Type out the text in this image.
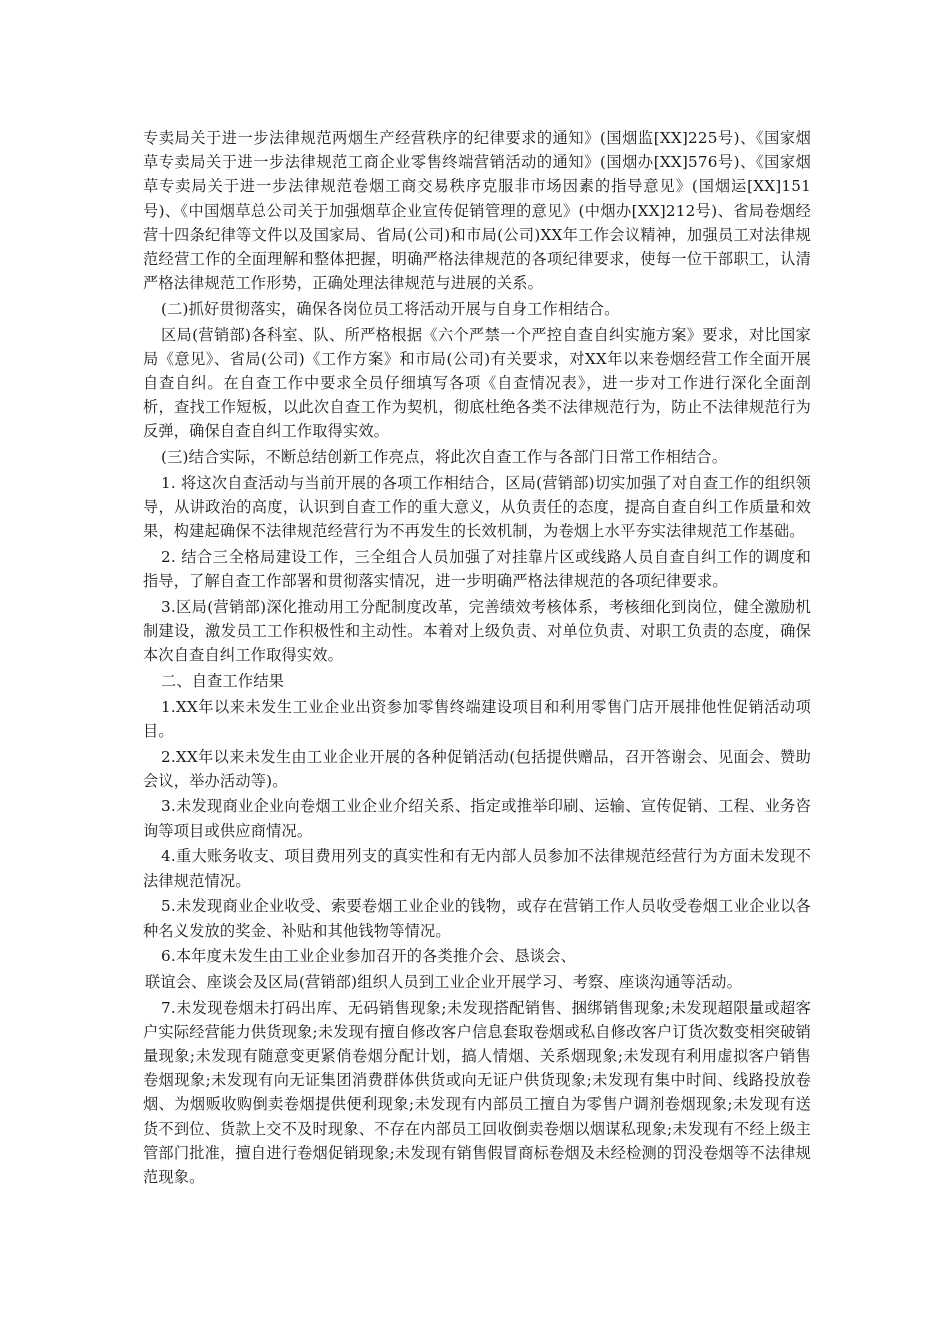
专卖局关于进一步法律规范两烟生产经营秩序的纪律要求的通知》(国烟监[XX]225号)、《国家烟草专卖局关于进一步法律规范工商企业零售终端营销活动的通知》(国烟办[XX]576号)、《国家烟草专卖局关于进一步法律规范卷烟工商交易秩序克服非市场因素的指导意见》(国烟运[XX]151号)、《中国烟草总公司关于加强烟草企业宣传促销管理的意见》(中烟办[XX]212号)、省局卷烟经营十四条纪律等文件以及国家局、省局(公司)和市局(公司)XX年工作会议精神，加强员工对法律规范经营工作的全面理解和整体把握，明确严格法律规范的各项纪律要求，使每一位干部职工，认清严格法律规范工作形势，正确处理法律规范与进展的关系。

(二)抓好贯彻落实，确保各岗位员工将活动开展与自身工作相结合。

区局(营销部)各科室、队、所严格根据《六个严禁一个严控自查自纠实施方案》要求，对比国家局《意见》、省局(公司)《工作方案》和市局(公司)有关要求，对XX年以来卷烟经营工作全面开展自查自纠。在自查工作中要求全员仔细填写各项《自查情况表》，进一步对工作进行深化全面剖析，查找工作短板，以此次自查工作为契机，彻底杜绝各类不法律规范行为，防止不法律规范行为反弹，确保自查自纠工作取得实效。

(三)结合实际，不断总结创新工作亮点，将此次自查工作与各部门日常工作相结合。

1. 将这次自查活动与当前开展的各项工作相结合，区局(营销部)切实加强了对自查工作的组织领导，从讲政治的高度，认识到自查工作的重大意义，从负责任的态度，提高自查自纠工作质量和效果，构建起确保不法律规范经营行为不再发生的长效机制，为卷烟上水平夯实法律规范工作基础。

2. 结合三全格局建设工作，三全组合人员加强了对挂靠片区或线路人员自查自纠工作的调度和指导，了解自查工作部署和贯彻落实情况，进一步明确严格法律规范的各项纪律要求。

3.区局(营销部)深化推动用工分配制度改革，完善绩效考核体系，考核细化到岗位，健全激励机制建设，激发员工工作积极性和主动性。本着对上级负责、对单位负责、对职工负责的态度，确保本次自查自纠工作取得实效。

二、自查工作结果

1.XX年以来未发生工业企业出资参加零售终端建设项目和利用零售门店开展排他性促销活动项目。

2.XX年以来未发生由工业企业开展的各种促销活动(包括提供赠品，召开答谢会、见面会、赞助会议，举办活动等)。

3.未发现商业企业向卷烟工业企业介绍关系、指定或推举印刷、运输、宣传促销、工程、业务咨询等项目或供应商情况。

4.重大账务收支、项目费用列支的真实性和有无内部人员参加不法律规范经营行为方面未发现不法律规范情况。

5.未发现商业企业收受、索要卷烟工业企业的钱物，或存在营销工作人员收受卷烟工业企业以各种名义发放的奖金、补贴和其他钱物等情况。

6.本年度未发生由工业企业参加召开的各类推介会、恳谈会、

联谊会、座谈会及区局(营销部)组织人员到工业企业开展学习、考察、座谈沟通等活动。

7.未发现卷烟未打码出库、无码销售现象;未发现搭配销售、捆绑销售现象;未发现超限量或超客户实际经营能力供货现象;未发现有擅自修改客户信息套取卷烟或私自修改客户订货次数变相突破销量现象;未发现有随意变更紧俏卷烟分配计划，搞人情烟、关系烟现象;未发现有利用虚拟客户销售卷烟现象;未发现有向无证集团消费群体供货或向无证户供货现象;未发现有集中时间、线路投放卷烟、为烟贩收购倒卖卷烟提供便利现象;未发现有内部员工擅自为零售户调剂卷烟现象;未发现有送货不到位、货款上交不及时现象、不存在内部员工回收倒卖卷烟以烟谋私现象;未发现有不经上级主管部门批准，擅自进行卷烟促销现象;未发现有销售假冒商标卷烟及未经检测的罚没卷烟等不法律规范现象。
